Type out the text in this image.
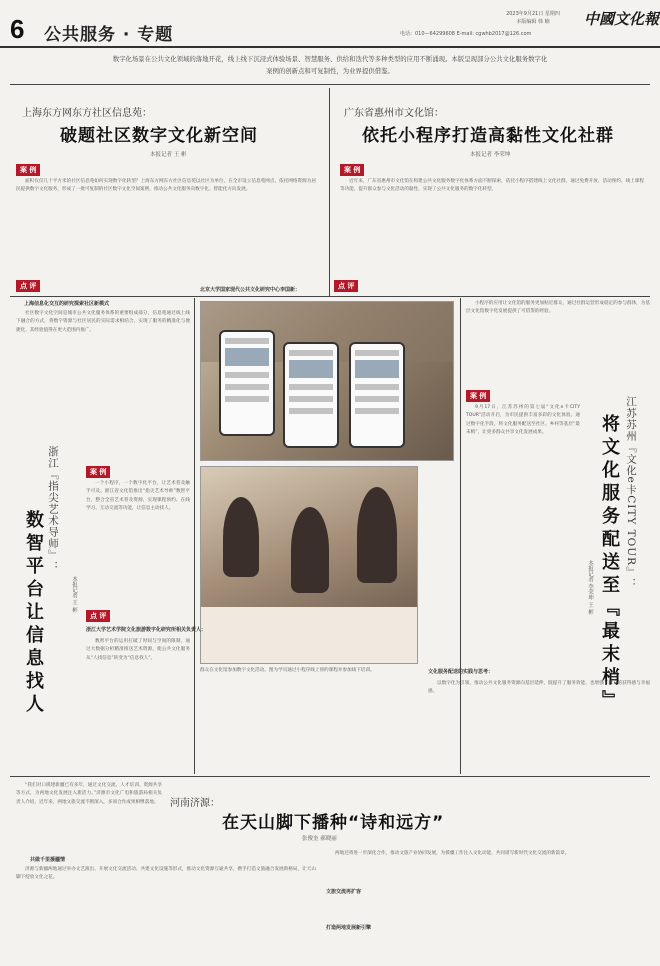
6 公共服务 · 专题
2023年9月21日 星期四
本版编辑 韩 楠
电话：010—64299608 E-mail: cgwhb2017@126.com
中國文化報
数字化场景在公共文化领域的落地开花，线上线下沉浸式体验场景、智慧服务、供给和迭代等多种类型的应用不断涌现。本版呈现部分公共文化服务数字化案例的创新点和可复制性，为业界提供借鉴。
上海东方网东方社区信息苑：
破题社区数字文化新空间
本报记者 王 彬
案 例
面积仅仅几十平方米的社区信息苑如何实现数字化转型？上海东方网东方社区信息苑以社区为单位，在全市设立信息苑网点，依托网络资源为居民提供数字文化服务，形成了一批可复制的社区数字文化空间案例，推动公共文化服务向数字化、智能化方向发展。
点 评
上海信息化交互的研究探索社区新模式
社区数字文化空间是城市公共文化服务体系的重要组成部分，信息苑通过线上线下融合的方式，将数字资源与社区居民的实际需求相结合，实现了服务的精准化与便捷化，其经验值得在更大范围内推广。
广东省惠州市文化馆：
依托小程序打造高黏性文化社群
本报记者 李荣坤
案 例
近年来，广东省惠州市文化馆在构建公共文化服务数字化体系方面不断探索，依托小程序搭建线上文化社群，通过免费开放、活动预约、线上课程等功能，提升群众参与文化活动的黏性，实现了公共文化服务的数字化转型。
点 评
北京大学国家现代公共文化研究中心李国新：
小程序的应用让文化馆的服务更加贴近群众，通过社群运营形成稳定的参与群体，为基层文化馆数字化发展提供了可借鉴的经验。
群众在文化馆参加数字文化活动。图为学员通过小程序线上预约课程并参加线下培训。
浙江『指尖艺术导师』：
数智平台让信息找人	本报记者 王 彬
案 例
一个小程序，一个数字化平台，让艺术普及触手可及。浙江省文化馆推出“指尖艺术导师”数智平台，整合全省艺术普及资源，实现课程预约、在线学习、互动交流等功能，让信息主动找人。
点 评
浙江大学艺术学院文化旅游数字化研究所相关负责人：
数智平台的运用打破了时间与空间的限制，通过大数据分析精准推送艺术资源，使公共文化服务从“人找信息”转变为“信息找人”。
江苏苏州『文化e卡CITY TOUR』：
将文化服务配送至『最末梢』
本报记者 李荣坤 王 彬
案 例
9月17日，江苏苏州的第七届“文化e卡CITY TOUR”活动开启，为市民提供丰富多彩的文化体验。通过数字化手段，将文化服务配送至社区、乡村等基层“最末梢”，让更多群众共享文化发展成果。
文化服务配送的实践与思考：
以数字化为引领，推动公共文化服务资源向基层延伸，既提升了服务效能，也增强了群众的获得感与幸福感。
河南济源：
在天山脚下播种“诗和远方”
张俊奎 郝晓丽
“我们对口援建新疆已有多年，通过文化交流、人才培训、资源共享等方式，为两地文化发展注入新活力。”济源市文化广电和旅游局相关负责人介绍，近年来，两地文旅交流不断深入，多项合作成果相继落地。
共做千里援疆情
济源与新疆两地通过举办文艺演出、开展文化交流活动、共建文化设施等形式，推动文化资源互通共享，携手打造文旅融合发展新格局，让天山脚下绽放文化之花。
文旅交流再扩容
打造两地发展新引擎
两地还将进一步深化合作，推动文旅产业协同发展，为援疆工作注入文化动能，共同谱写新时代文化交流的新篇章。
